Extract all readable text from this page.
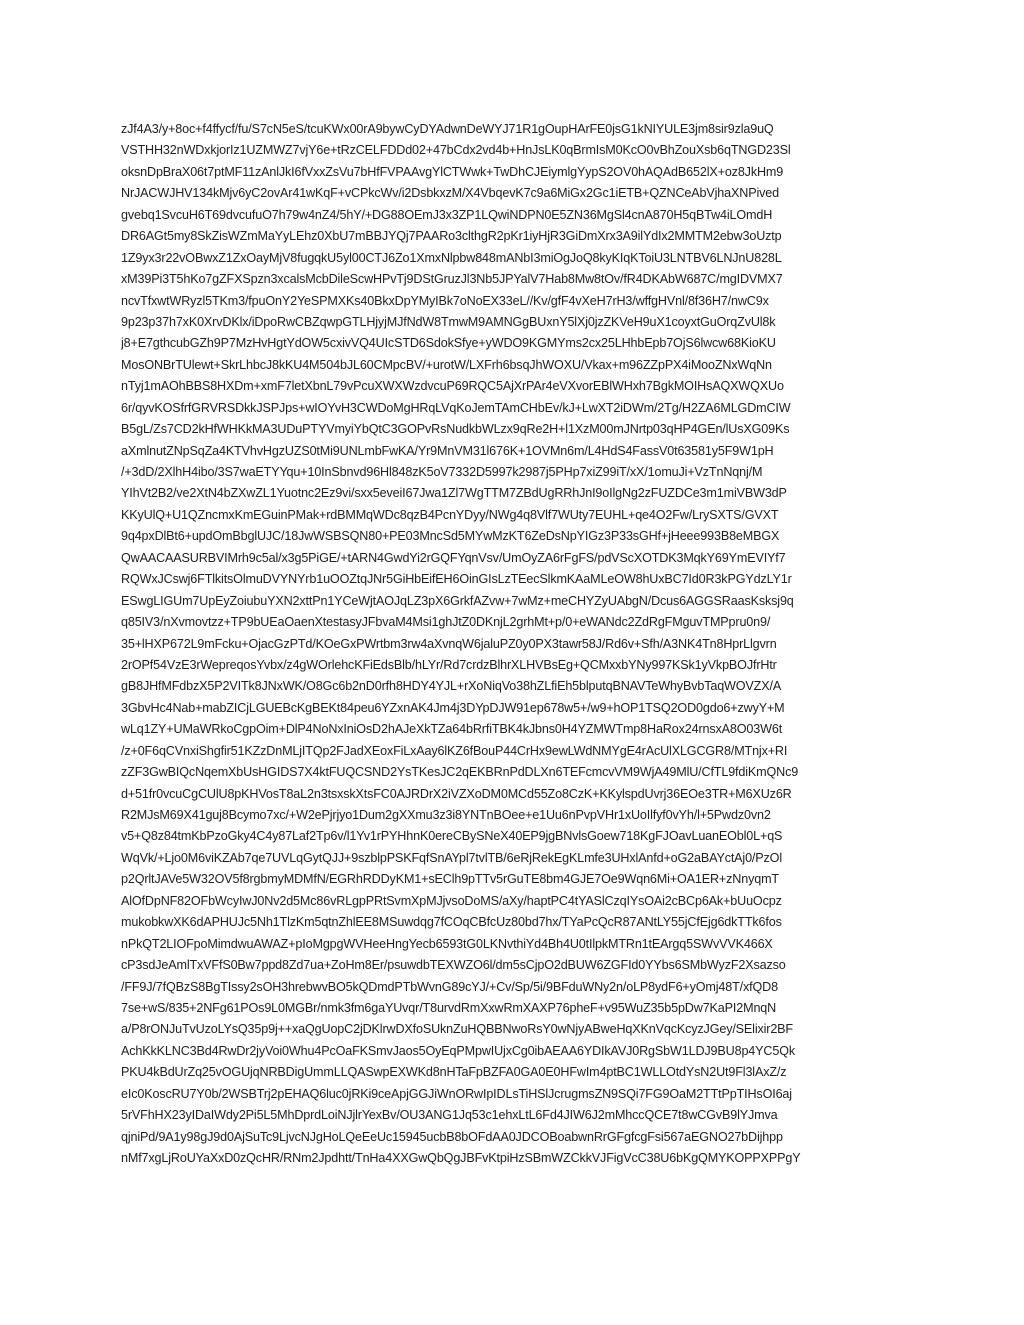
zJf4A3/y+8oc+f4ffycf/fu/S7cN5eS/tcuKWx00rA9bywCyDYAdwnDeWYJ71R1gOupHArFE0jsG1kNIYULE3jm8sir9zla9uQ
VSTHH32nWDxkjorIz1UZMWZ7vjY6e+tRzCELFDDd02+47bCdx2vd4b+HnJsLK0qBrmIsM0KcO0vBhZouXsb6qTNGD23Sl
oksnDpBraX06t7ptMF11zAnlJkI6fVxxZsVu7bHfFVPAAvgYlCTWwk+TwDhCJEiymlgYypS2OV0hAQAdB652lX+oz8JkHm9
NrJACWJHV134kMjv6yC2ovAr41wKqF+vCPkcWv/i2DsbkxzM/X4VbqevK7c9a6MiGx2Gc1iETB+QZNCeAbVjhaXNPived
gvebq1SvcuH6T69dvcufuO7h79w4nZ4/5hY/+DG88OEmJ3x3ZP1LQwiNDPN0E5ZN36MgSl4cnA870H5qBTw4iLOmdH
DR6AGt5my8SkZisWZmMaYyLEhz0XbU7mBBJYQj7PAARo3clthgR2pKr1iyHjR3GiDmXrx3A9ilYdIx2MMTM2ebw3oUztp
1Z9yx3r22vOBwxZ1ZxOayMjV8fugqkU5yl00CTJ6Zo1XmxNlpbw848mANbI3miOgJoQ8kyKIqKToiU3LNTBV6LNJnU828L
xM39Pi3T5hKo7gZFXSpzn3xcalsMcbDileScwHPvTj9DStGruzJl3Nb5JPYalV7Hab8Mw8tOv/fR4DKAbW687C/mgIDVMX7
ncvTfxwtWRyzl5TKm3/fpuOnY2YeSPMXKs40BkxDpYMyIBk7oNoEX33eL//Kv/gfF4vXeH7rH3/wffgHVnl/8f36H7/nwC9x
9p23p37h7xK0XrvDKlx/iDpoRwCBZqwpGTLHjyjMJfNdW8TmwM9AMNGgBUxnY5lXj0jzZKVeH9uX1coyxtGuOrqZvUl8k
j8+E7gthcubGZh9P7MzHvHgtYdOW5cxivVQ4UIcSTD6SdokSfye+yWDO9KGMYms2cx25LHhbEpb7OjS6lwcw68KioKU
MosONBrTUlewt+SkrLhbcJ8kKU4M504bJL60CMpcBV/+urotW/LXFrh6bsqJhWOXU/Vkax+m96ZZpPX4iMooZNxWqNn
nTyj1mAOhBBS8HXDm+xmF7letXbnL79vPcuXWXWzdvcuP69RQC5AjXrPAr4eVXvorEBlWHxh7BgkMOIHsAQXWQXUo
6r/qyvKOSfrfGRVRSDkkJSPJps+wIOYvH3CWDoMgHRqLVqKoJemTAmCHbEv/kJ+LwXT2iDWm/2Tg/H2ZA6MLGDmCIW
B5gL/Zs7CD2kHfWHKkMA3UDuPTYVmyiYbQtC3GOPvRsNudkbWLzx9qRe2H+l1XzM00mJNrtp03qHP4GEn/lUsXG09Ks
aXmlnutZNpSqZa4KTVhvHgzUZS0tMi9UNLmbFwKA/Yr9MnVM31l676K+1OVMn6m/L4HdS4FassV0t63581y5F9W1pH
/+3dD/2XlhH4ibo/3S7waETYYqu+10InSbnvd96Hl848zK5oV7332D5997k2987j5PHp7xiZ99iT/xX/1omuJi+VzTnNqnj/M
YIhVt2B2/ve2XtN4bZXwZL1Yuotnc2Ez9vi/sxx5eveiI67Jwa1Zl7WgTTM7ZBdUgRRhJnI9oIlgNg2zFUZDCe3m1miVBW3dP
KKyUlQ+U1QZncmxKmEGuinPMak+rdBMMqWDc8qzB4PcnYDyy/NWg4q8Vlf7WUty7EUHL+qe4O2Fw/LrySXTS/GVXT
9q4pxDlBt6+updOmBbglUJC/18JwWSBSQN80+PE03MncSd5MYwMzKT6ZeDsNpYIGz3P33sGHf+jHeee993B8eMBGX
QwAACAASURBVIMrh9c5al/x3g5PiGE/+tARN4GwdYi2rGQFYqnVsv/UmOyZA6rFgFS/pdVScXOTDK3MqkY69YmEVIYf7
RQWxJCswj6FTlkitsOlmuDVYNYrb1uOOZtqJNr5GiHbEifEH6OinGIsLzTEecSlkmKAaMLeOW8hUxBC7Id0R3kPGYdzLY1r
ESwgLIGUm7UpEyZoiubuYXN2xttPn1YCeWjtAOJqLZ3pX6GrkfAZvw+7wMz+meCHYZyUAbgN/Dcus6AGGSRaasKsksj9q
q85IV3/nXvmovtzz+TP9bUEaOaenXtestasyJFbvaM4Msi1ghJtZ0DKnjL2grhMt+p/0+eWANdc2ZdRgFMguvTMPpru0n9/
35+lHXP672L9mFcku+OjacGzPTd/KOeGxPWrtbm3rw4aXvnqW6jaluPZ0y0PX3tawr58J/Rd6v+Sfh/A3NK4Tn8HprLlgvrn
2rOPf54VzE3rWepreqosYvbx/z4gWOrlehcKFiEdsBlb/hLYr/Rd7crdzBlhrXLHVBsEg+QCMxxbYNy997KSk1yVkpBOJfrHtr
gB8JHfMFdbzX5P2VITk8JNxWK/O8Gc6b2nD0rfh8HDY4YJL+rXoNiqVo38hZLfiEh5blputqBNAVTeWhyBvbTaqWOVZX/A
3GbvHc4Nab+mabZICjLGUEBcKgBEKt84peu6YZxnAK4Jm4j3DYpDJW91ep678w5+/w9+hOP1TSQ2OD0gdo6+zwyY+M
wLq1ZY+UMaWRkoCgpOim+DlP4NoNxIniOsD2hAJeXkTZa64bRrfiTBK4kJbns0H4YZMWTmp8HaRox24rnsxA8O03W6t
/z+0F6qCVnxiShgfir51KZzDnMLjITQp2FJadXEoxFiLxAay6lKZ6fBouP44CrHx9ewLWdNMYgE4rAcUlXLGCGR8/MTnjx+RI
zZF3GwBIQcNqemXbUsHGIDS7X4ktFUQCSND2YsTKesJC2qEKBRnPdDLXn6TEFcmcvVM9WjA49MlU/CfTL9fdiKmQNc9
d+51fr0vcuCgCUlU8pKHVosT8aL2n3tsxskXtsFC0AJRDrX2iVZXoDM0MCd55Zo8CzK+KKylspdUvrj36EOe3TR+M6XUz6R
R2MJsM69X41guj8Bcymo7xc/+W2ePjrjyo1Dum2gXXmu3z3i8YNTnBOee+e1Uu6nPvpVHr1xUoIlfyf0vYh/l+5Pwdz0vn2
v5+Q8z84tmKbPzoGky4C4y87Laf2Tp6v/l1Yv1rPYHhnK0ereCBySNeX40EP9jgBNvlsGoew718KgFJOavLuanEObl0L+qS
WqVk/+Ljo0M6viKZAb7qe7UVLqGytQJJ+9szblpPSKFqfSnAYpl7tvlTB/6eRjRekEgKLmfe3UHxlAnfd+oG2aBAYctAj0/PzOl
p2QrltJAVe5W32OV5f8rgbmyMDMfN/EGRhRDDyKM1+sEClh9pTTv5rGuTE8bm4GJE7Oe9Wqn6Mi+OA1ER+zNnyqmT
AlOfDpNF82OFbWcyIwJ0Nv2d5Mc86vRLgpPRtSvmXpMJjvsoDoMS/aXy/haptPC4tYASlCzqIYsOAi2cBCp6Ak+bUuOcpz
mukobkwXK6dAPHUJc5Nh1TlzKm5qtnZhlEE8MSuwdqg7fCOqCBfcUz80bd7hx/TYaPcQcR87ANtLY55jCfEjg6dkTTk6fos
nPkQT2LIOFpoMimdwuAWAZ+pIoMgpgWVHeeHngYecb6593tG0LKNvthiYd4Bh4U0tIlpkMTRn1tEArgq5SWvVVK466X
cP3sdJeAmlTxVFfS0Bw7ppd8Zd7ua+ZoHm8Er/psuwdbTEXWZO6l/dm5sCjpO2dBUW6ZGFId0YYbs6SMbWyzF2Xsazso
/FF9J/7fQBzS8BgTIssy2sOH3hrebwvBO5kQDmdPTbWvnG89cYJ/+Cv/Sp/5i/9BFduWNy2n/oLP8ydF6+yOmj48T/xfQD8
7se+wS/835+2NFg61POs9L0MGBr/nmk3fm6gaYUvqr/T8urvdRmXxwRmXAXP76pheF+v95WuZ35b5pDw7KaPI2MnqN
a/P8rONJuTvUzoLYsQ35p9j++xaQgUopC2jDKlrwDXfoSUknZuHQBBNwoRsY0wNjyABweHqXKnVqcKcyzJGey/SElixir2BF
AchKkKLNC3Bd4RwDr2jyVoi0Whu4PcOaFKSmvJaos5OyEqPMpwIUjxCg0ibAEAA6YDIkAVJ0RgSbW1LDJ9BU8p4YC5Qk
PKU4kBdUrZq25vOGUjqNRBDigUmmLLQASwpEXWKd8nHTaFpBZFA0GA0E0HFwIm4ptBC1WLLOtdYsN2Ut9Fl3lAxZ/z
eIc0KoscRU7Y0b/2WSBTrj2pEHAQ6luc0jRKi9ceApjGGJiWnORwIpIDLsTiHSlJcrugmsZN9SQi7FG9OaM2TTtPpTIHsOI6aj
5rVFhHX23yIDaIWdy2Pi5L5MhDprdLoiNJjlrYexBv/OU3ANG1Jq53c1ehxLtL6Fd4JIW6J2mMhccQCE7t8wCGvB9lYJmva
qjniPd/9A1y98gJ9d0AjSuTc9LjvcNJgHoLQeEeUc15945ucbB8bOFdAA0JDCOBoabwnRrGFgfcgFsi567aEGNO27bDijhpp
nMf7xgLjRoUYaXxD0zQcHR/RNm2Jpdhtt/TnHa4XXGwQbQgJBFvKtpiHzSBmWZCkkVJFigVcC38U6bKgQMYKOPPXPPgY
